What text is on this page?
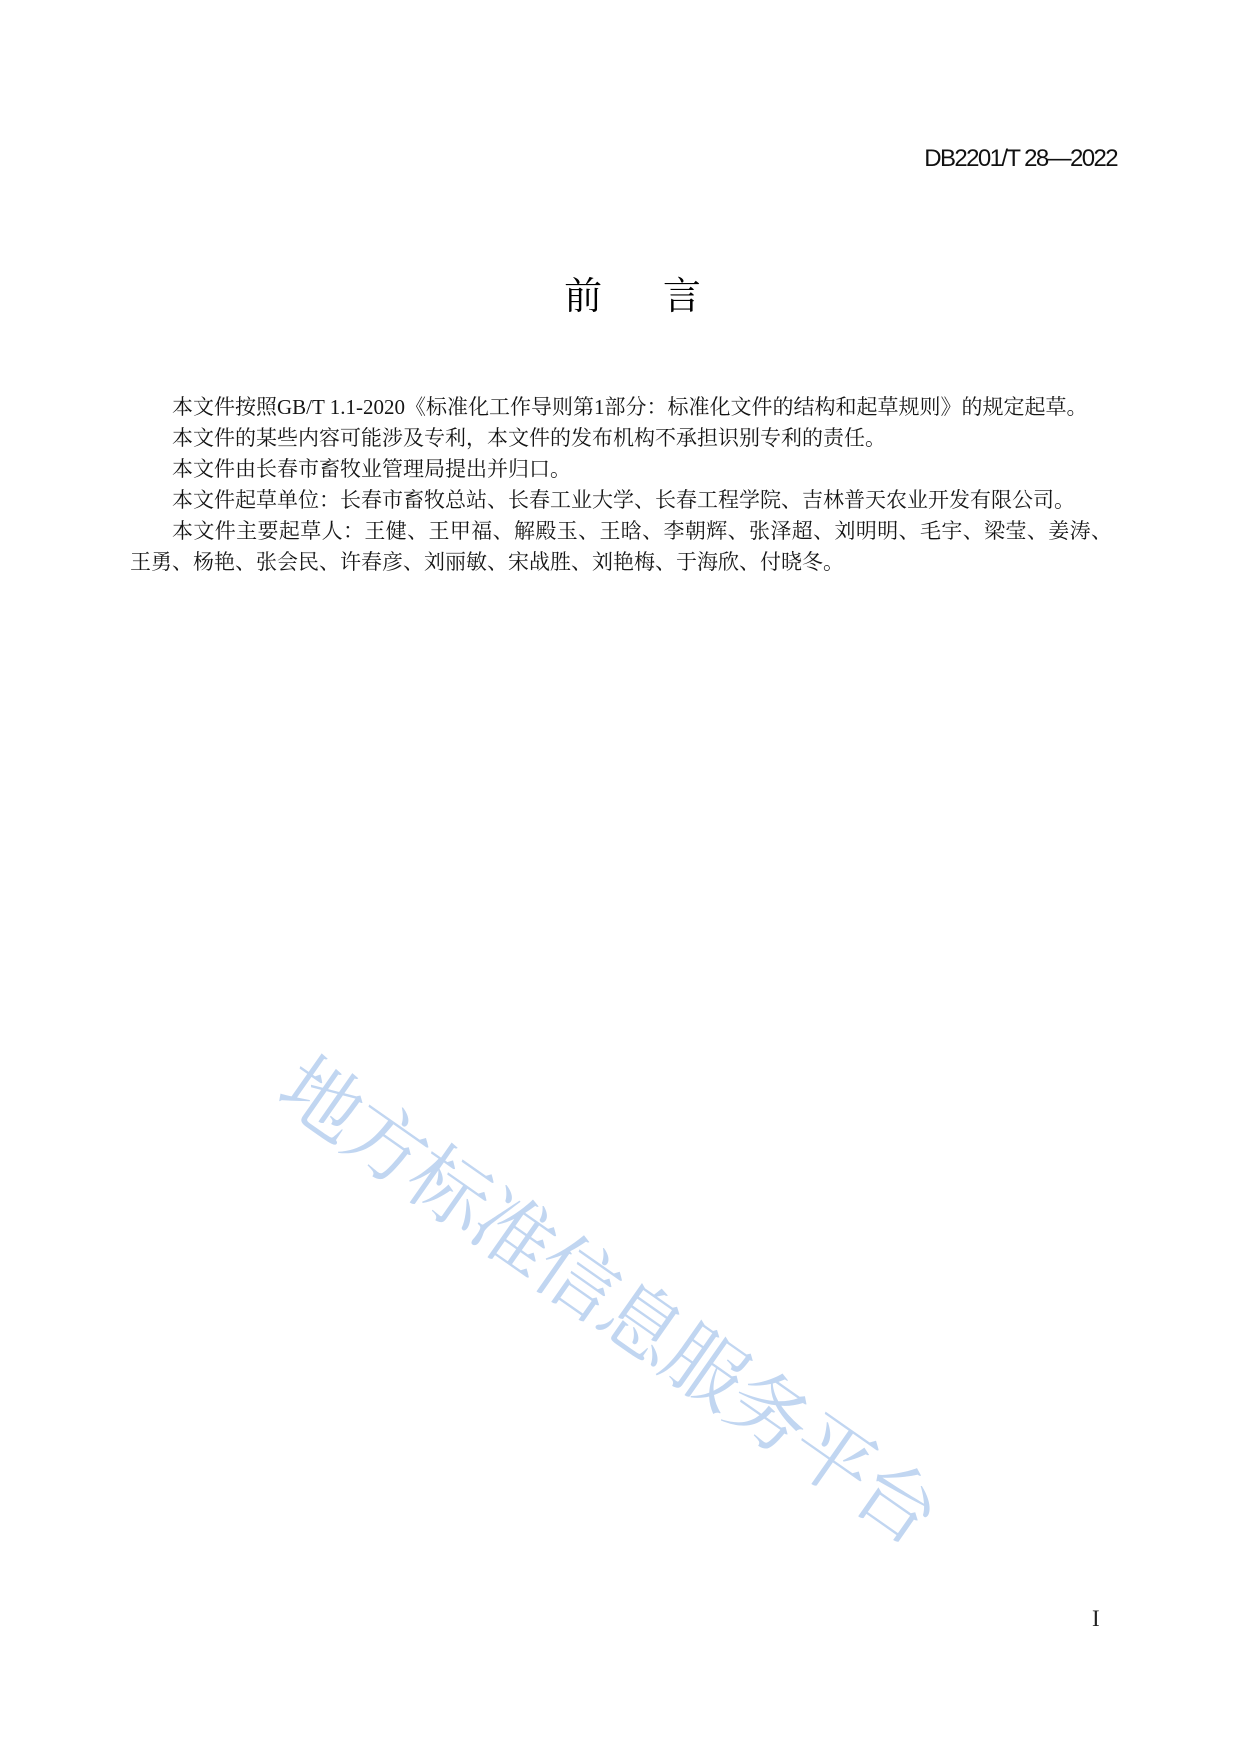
DB2201/T 28—2022
前言

本文件按照GB/T 1.1-2020《标准化工作导则第1部分：标准化文件的结构和起草规则》的规定起草。

本文件的某些内容可能涉及专利，本文件的发布机构不承担识别专利的责任。

本文件由长春市畜牧业管理局提出并归口。

本文件起草单位：长春市畜牧总站、长春工业大学、长春工程学院、吉林普天农业开发有限公司。

本文件主要起草人：王健、王甲福、解殿玉、王晗、李朝辉、张泽超、刘明明、毛宇、梁莹、姜涛、王勇、杨艳、张会民、许春彦、刘丽敏、宋战胜、刘艳梅、于海欣、付晓冬。

地方标准信息服务平台
I
